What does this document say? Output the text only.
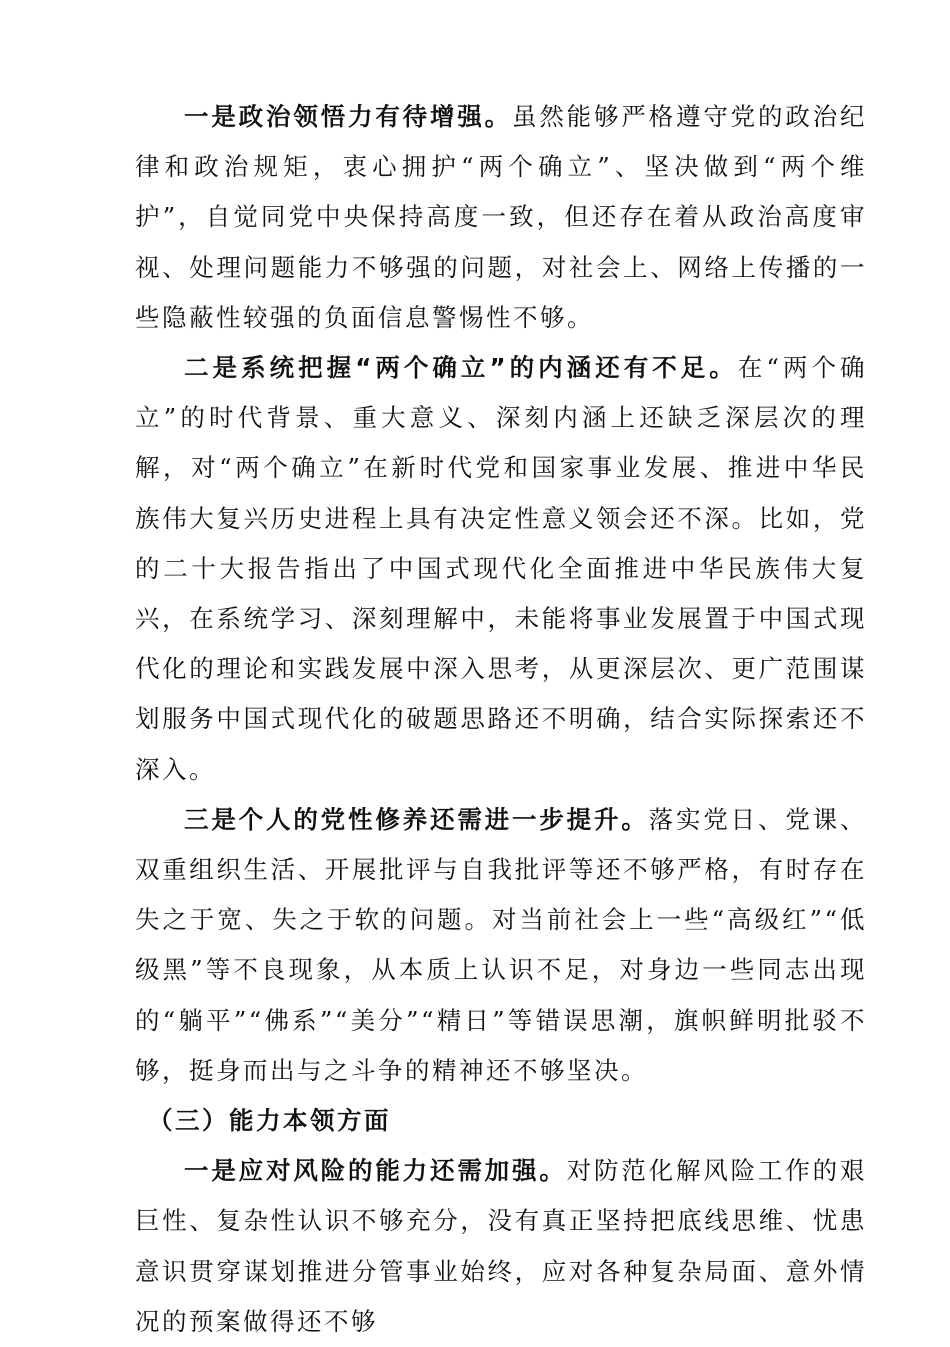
一是政治领悟力有待增强。虽然能够严格遵守党的政治纪律和政治规矩，衷心拥护“两个确立”、坚决做到“两个维护”，自觉同党中央保持高度一致，但还存在着从政治高度审视、处理问题能力不够强的问题，对社会上、网络上传播的一些隐蔽性较强的负面信息警惕性不够。

二是系统把握“两个确立”的内涵还有不足。在“两个确立”的时代背景、重大意义、深刻内涵上还缺乏深层次的理解，对“两个确立”在新时代党和国家事业发展、推进中华民族伟大复兴历史进程上具有决定性意义领会还不深。比如，党的二十大报告指出了中国式现代化全面推进中华民族伟大复兴，在系统学习、深刻理解中，未能将事业发展置于中国式现代化的理论和实践发展中深入思考，从更深层次、更广范围谋划服务中国式现代化的破题思路还不明确，结合实际探索还不深入。

三是个人的党性修养还需进一步提升。落实党日、党课、双重组织生活、开展批评与自我批评等还不够严格，有时存在失之于宽、失之于软的问题。对当前社会上一些“高级红”“低级黑”等不良现象，从本质上认识不足，对身边一些同志出现的“躺平”“佛系”“美分”“精日”等错误思潮，旗帜鲜明批驳不够，挺身而出与之斗争的精神还不够坚决。

（三）能力本领方面

一是应对风险的能力还需加强。对防范化解风险工作的艰巨性、复杂性认识不够充分，没有真正坚持把底线思维、忧患意识贯穿谋划推进分管事业始终，应对各种复杂局面、意外情况的预案做得还不够
